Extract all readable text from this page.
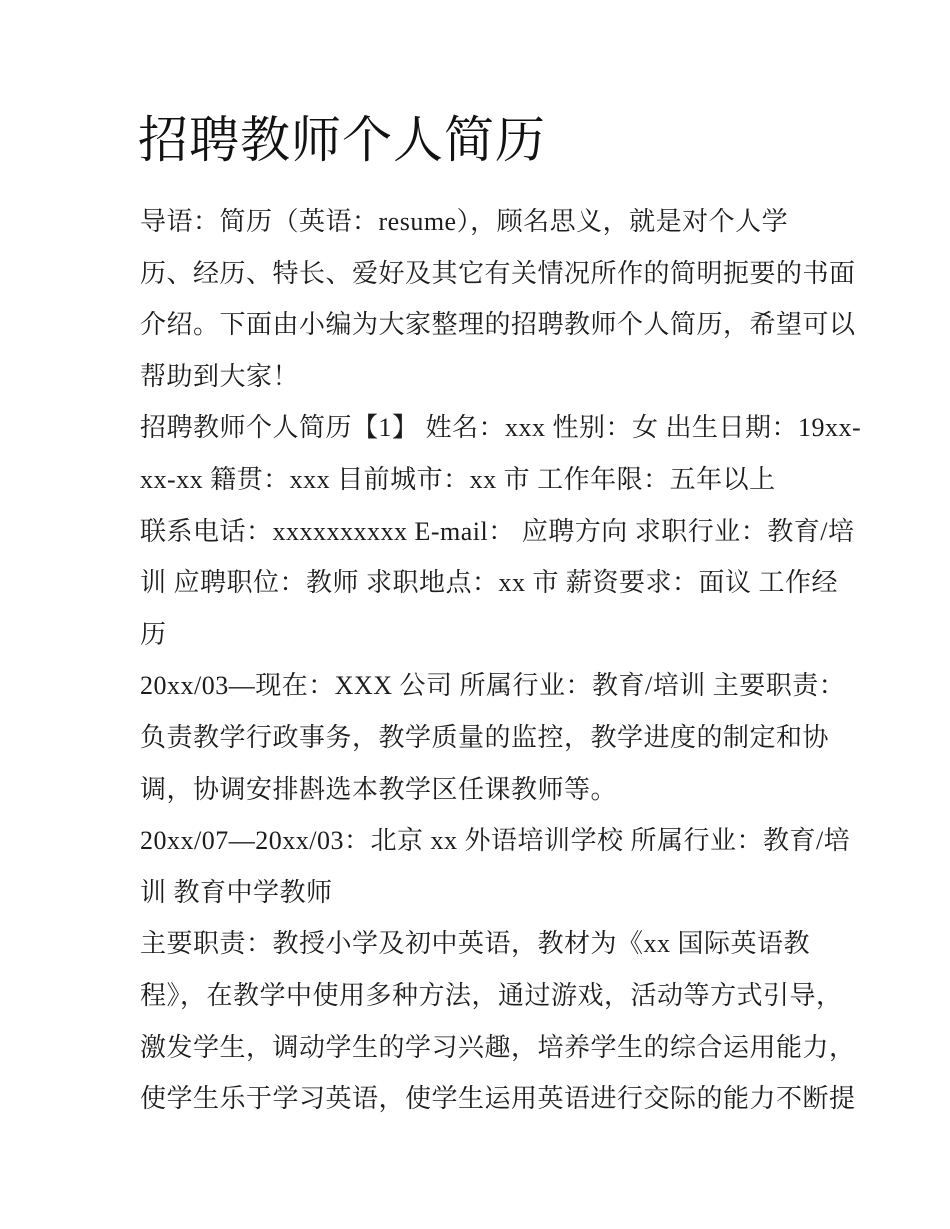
招聘教师个人简历
导语：简历（英语：resume），顾名思义，就是对个人学
历、经历、特长、爱好及其它有关情况所作的简明扼要的书面
介绍。下面由小编为大家整理的招聘教师个人简历，希望可以
帮助到大家！
招聘教师个人简历【1】 姓名：xxx 性别：女 出生日期：19xx-
xx-xx 籍贯：xxx 目前城市：xx 市 工作年限：五年以上
联系电话：xxxxxxxxxx E-mail： 应聘方向 求职行业：教育/培
训 应聘职位：教师 求职地点：xx 市 薪资要求：面议 工作经
历
20xx/03—现在：XXX 公司 所属行业：教育/培训 主要职责：
负责教学行政事务，教学质量的监控，教学进度的制定和协
调，协调安排斟选本教学区任课教师等。
20xx/07—20xx/03：北京 xx 外语培训学校 所属行业：教育/培
训 教育中学教师
主要职责：教授小学及初中英语，教材为《xx 国际英语教
程》，在教学中使用多种方法，通过游戏，活动等方式引导，
激发学生，调动学生的学习兴趣，培养学生的综合运用能力，
使学生乐于学习英语，使学生运用英语进行交际的能力不断提
